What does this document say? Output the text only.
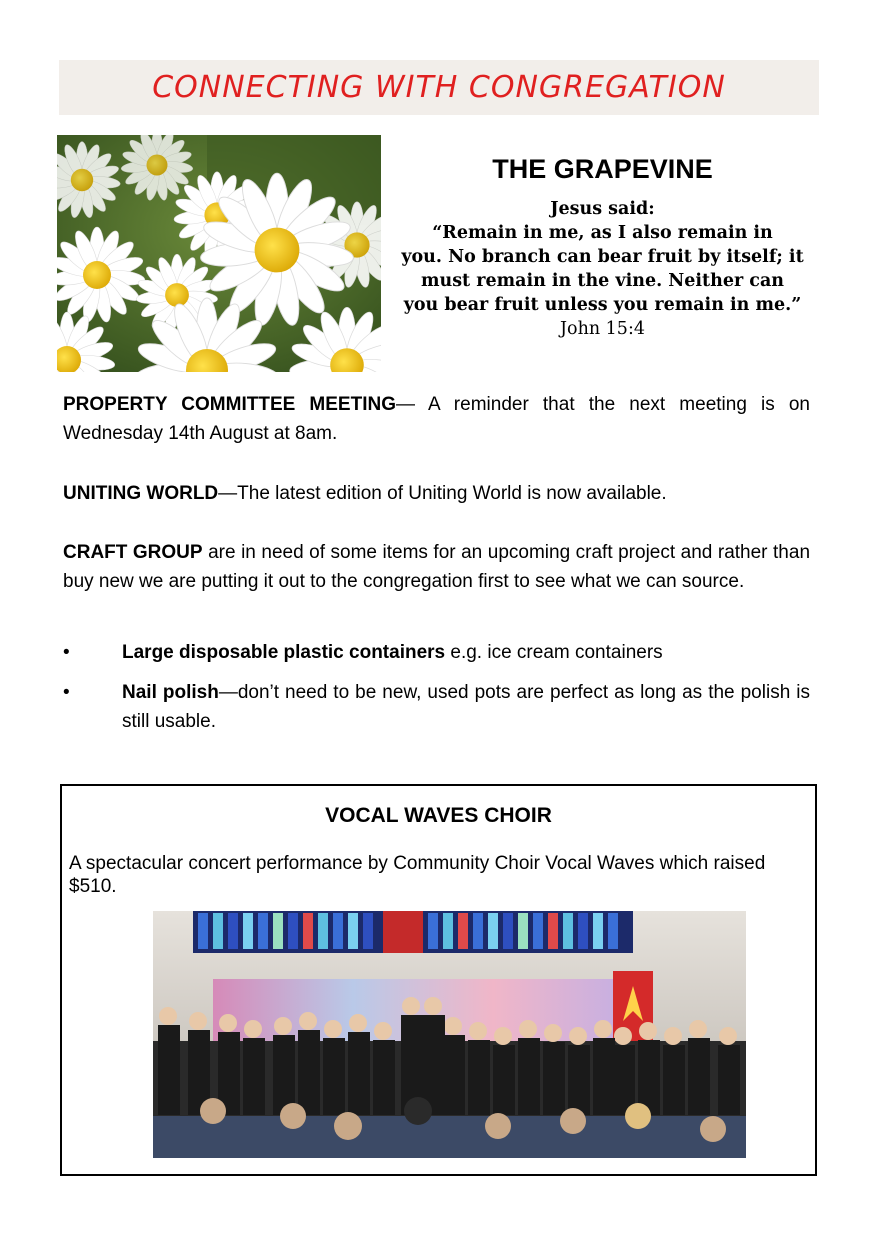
CONNECTING WITH CONGREGATION
THE GRAPEVINE
Jesus said:
“Remain in me, as I also remain in
you. No branch can bear fruit by itself; it
must remain in the vine. Neither can
you bear fruit unless you remain in me.”
John 15:4
PROPERTY COMMITTEE MEETING— A reminder that the next meeting is on Wednesday 14th August at 8am.
UNITING WORLD—The latest edition of Uniting World is now available.
CRAFT GROUP are in need of some items for an upcoming craft project and rather than buy new we are putting it out to the congregation first to see what we can source.
•	Large disposable plastic containers e.g. ice cream containers
•	Nail polish—don’t need to be new, used pots are perfect as long as the polish is still usable.
VOCAL WAVES CHOIR
A spectacular concert performance by Community Choir Vocal Waves which raised $510.
